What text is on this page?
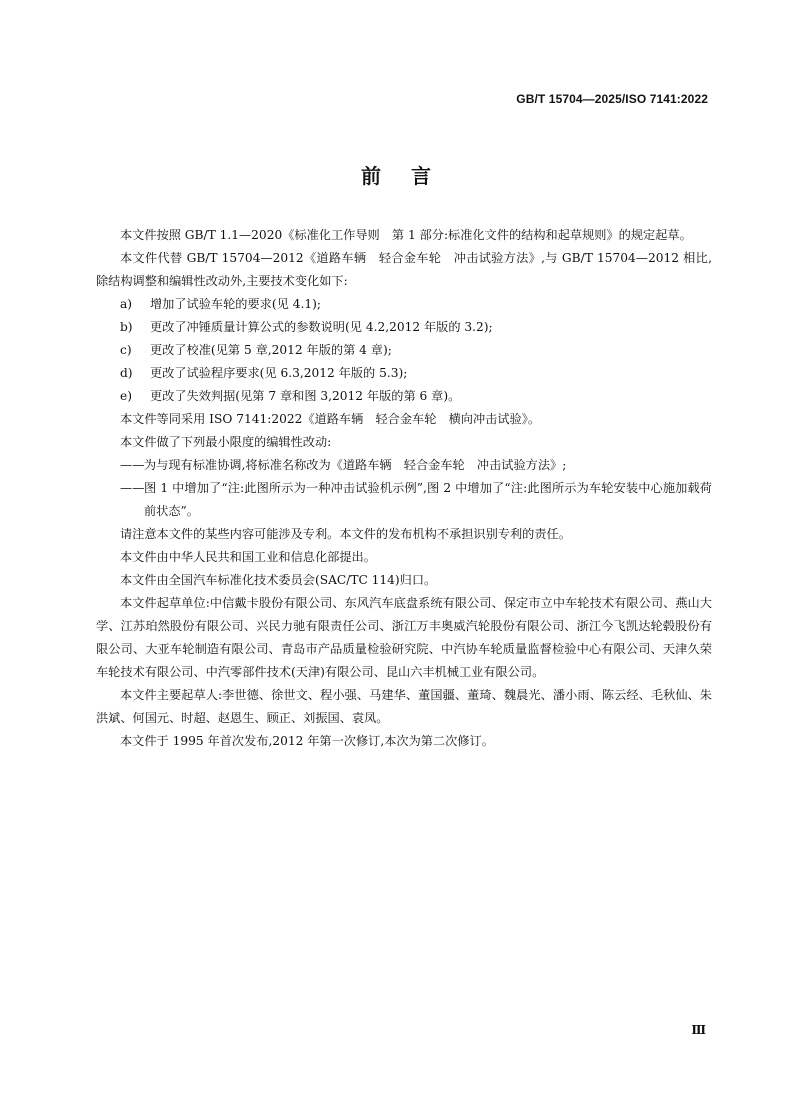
GB/T 15704—2025/ISO 7141:2022
前言

本文件按照 GB/T 1.1—2020《标准化工作导则　第 1 部分:标准化文件的结构和起草规则》的规定起草。

本文件代替 GB/T 15704—2012《道路车辆　轻合金车轮　冲击试验方法》,与 GB/T 15704—2012 相比,除结构调整和编辑性改动外,主要技术变化如下:

a)	增加了试验车轮的要求(见 4.1);
b)	更改了冲锤质量计算公式的参数说明(见 4.2,2012 年版的 3.2);
c)	更改了校准(见第 5 章,2012 年版的第 4 章);
d)	更改了试验程序要求(见 6.3,2012 年版的 5.3);
e)	更改了失效判据(见第 7 章和图 3,2012 年版的第 6 章)。

本文件等同采用 ISO 7141:2022《道路车辆　轻合金车轮　横向冲击试验》。

本文件做了下列最小限度的编辑性改动:

—— 为与现有标准协调,将标准名称改为《道路车辆　轻合金车轮　冲击试验方法》;
—— 图 1 中增加了“注:此图所示为一种冲击试验机示例”,图 2 中增加了“注:此图所示为车轮安装中心施加载荷前状态”。

请注意本文件的某些内容可能涉及专利。本文件的发布机构不承担识别专利的责任。

本文件由中华人民共和国工业和信息化部提出。

本文件由全国汽车标准化技术委员会(SAC/TC 114)归口。

本文件起草单位:中信戴卡股份有限公司、东风汽车底盘系统有限公司、保定市立中车轮技术有限公司、燕山大学、江苏珀然股份有限公司、兴民力驰有限责任公司、浙江万丰奥威汽轮股份有限公司、浙江今飞凯达轮毂股份有限公司、大亚车轮制造有限公司、青岛市产品质量检验研究院、中汽协车轮质量监督检验中心有限公司、天津久荣车轮技术有限公司、中汽零部件技术(天津)有限公司、昆山六丰机械工业有限公司。

本文件主要起草人:李世德、徐世文、程小强、马建华、董国疆、董琦、魏晨光、潘小雨、陈云经、毛秋仙、朱洪斌、何国元、时超、赵恩生、顾正、刘振国、袁凤。

本文件于 1995 年首次发布,2012 年第一次修订,本次为第二次修订。

Ⅲ
